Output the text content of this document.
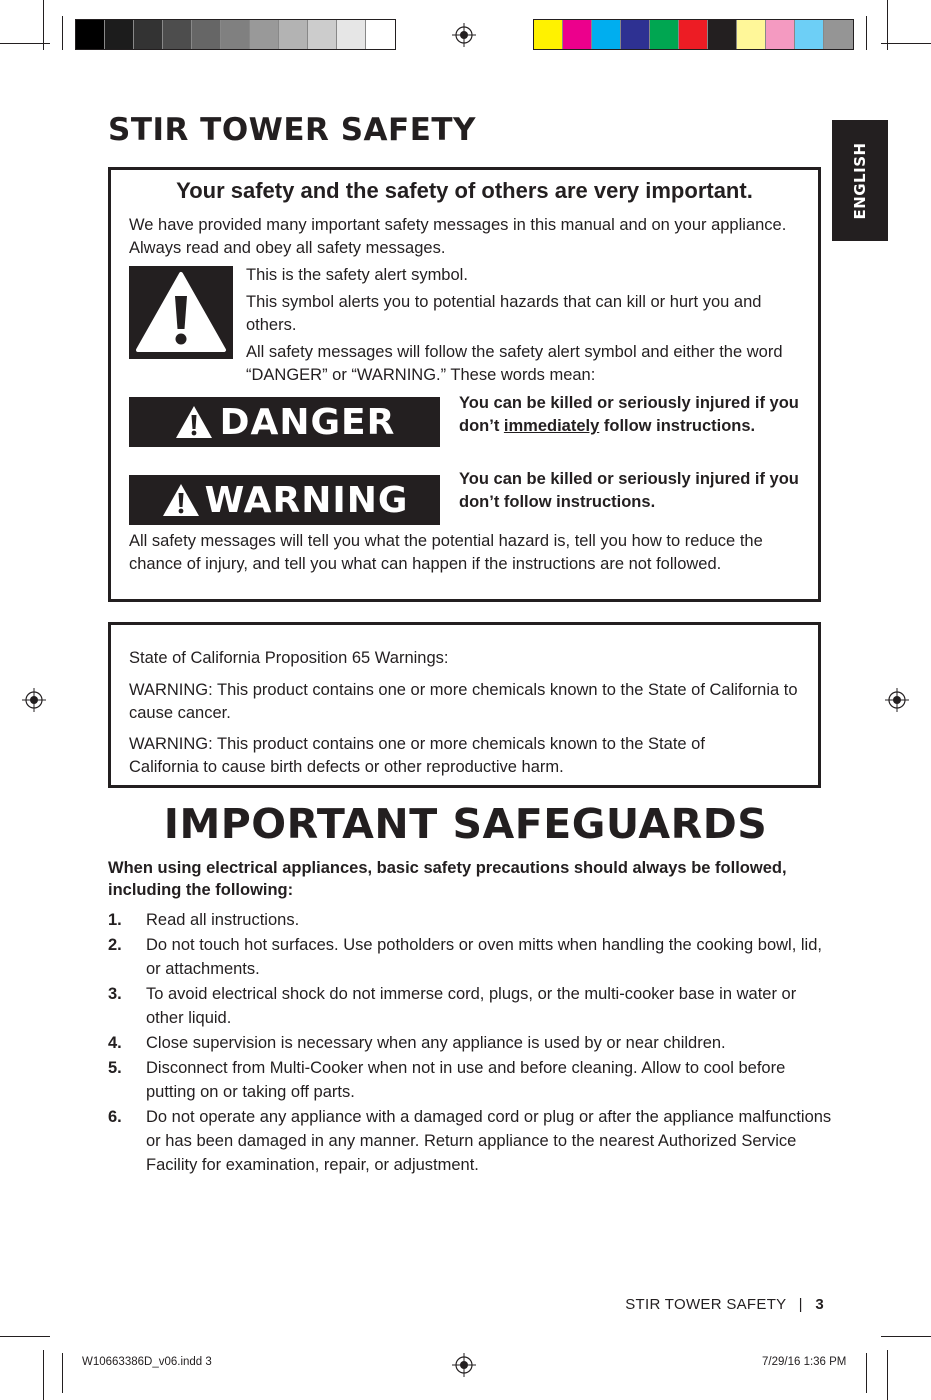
STIR TOWER SAFETY
ENGLISH
Your safety and the safety of others are very important.
We have provided many important safety messages in this manual and on your appliance. Always read and obey all safety messages.
This is the safety alert symbol.
This symbol alerts you to potential hazards that can kill or hurt you and others.
All safety messages will follow the safety alert symbol and either the word “DANGER” or “WARNING.” These words mean:
DANGER	You can be killed or seriously injured if you don’t immediately follow instructions.
WARNING
You can be killed or seriously injured if you don’t follow instructions.
All safety messages will tell you what the potential hazard is, tell you how to reduce the chance of injury, and tell you what can happen if the instructions are not followed.
State of California Proposition 65 Warnings:
WARNING: This product contains one or more chemicals known to the State of California to cause cancer.
WARNING: This product contains one or more chemicals known to the State of California to cause birth defects or other reproductive harm.
IMPORTANT SAFEGUARDS
When using electrical appliances, basic safety precautions should always be followed, including the following:
1. Read all instructions.
2. Do not touch hot surfaces. Use potholders or oven mitts when handling the cooking bowl, lid, or attachments.
3. To avoid electrical shock do not immerse cord, plugs, or the multi-cooker base in water or other liquid.
4. Close supervision is necessary when any appliance is used by or near children.
5. Disconnect from Multi-Cooker when not in use and before cleaning. Allow to cool before putting on or taking off parts.
6. Do not operate any appliance with a damaged cord or plug or after the appliance malfunctions or has been damaged in any manner. Return appliance to the nearest Authorized Service Facility for examination, repair, or adjustment.
STIR TOWER SAFETY | 3
W10663386D_v06.indd 3	7/29/16 1:36 PM
